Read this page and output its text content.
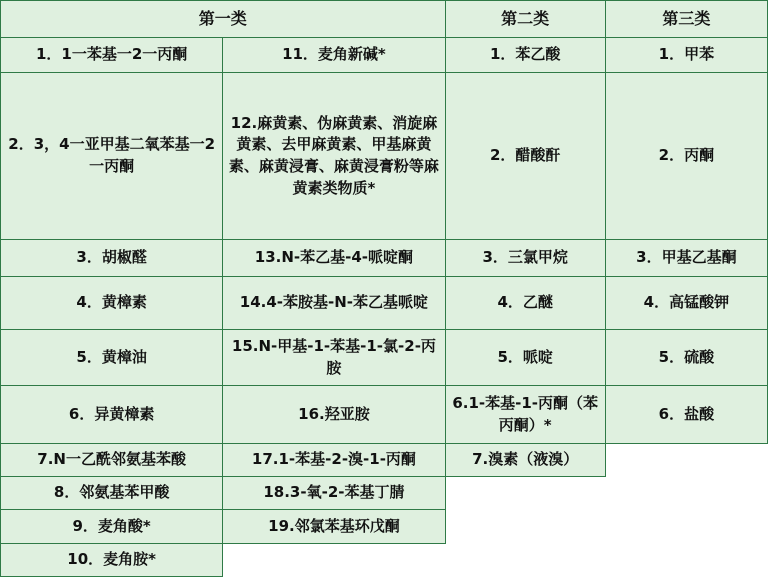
第一类		第二类	第三类
1．1一苯基一2一丙酮	11．麦角新碱*	1．苯乙酸	1．甲苯
2．3，4一亚甲基二氧苯基一2一丙酮	12.麻黄素、伪麻黄素、消旋麻黄素、去甲麻黄素、甲基麻黄素、麻黄浸膏、麻黄浸膏粉等麻黄素类物质*	2．醋酸酐	2．丙酮
3．胡椒醛	13.N-苯乙基-4-哌啶酮	3．三氯甲烷	3．甲基乙基酮
4．黄樟素	14.4-苯胺基-N-苯乙基哌啶	4．乙醚	4．高锰酸钾
5．黄樟油	15.N-甲基-1-苯基-1-氯-2-丙胺	5．哌啶	5．硫酸
6．异黄樟素	16.羟亚胺	6.1-苯基-1-丙酮（苯丙酮）*	6．盐酸
7.N一乙酰邻氨基苯酸	17.1-苯基-2-溴-1-丙酮	7.溴素（液溴）	
8．邻氨基苯甲酸	18.3-氧-2-苯基丁腈		
9．麦角酸*	19.邻氯苯基环戊酮		
10．麦角胺*			
